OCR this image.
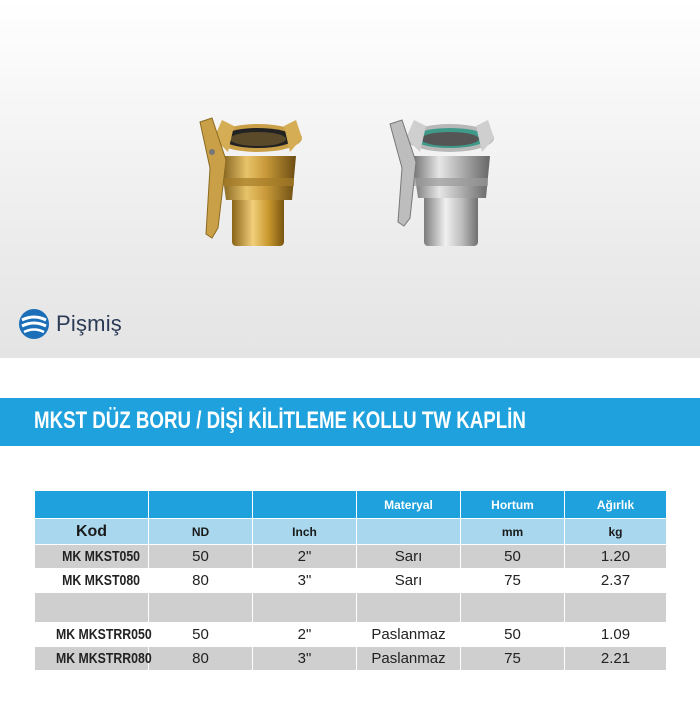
Pişmiş
MKST DÜZ BORU / DİŞİ KİLİTLEME KOLLU TW KAPLİN
			Materyal	Hortum	Ağırlık
Kod	ND	Inch		mm	kg
MK MKST050	50	2"	Sarı	50	1.20
MK MKST080	80	3"	Sarı	75	2.37

MK MKSTRR050	50	2"	Paslanmaz	50	1.09
MK MKSTRR080	80	3"	Paslanmaz	75	2.21
